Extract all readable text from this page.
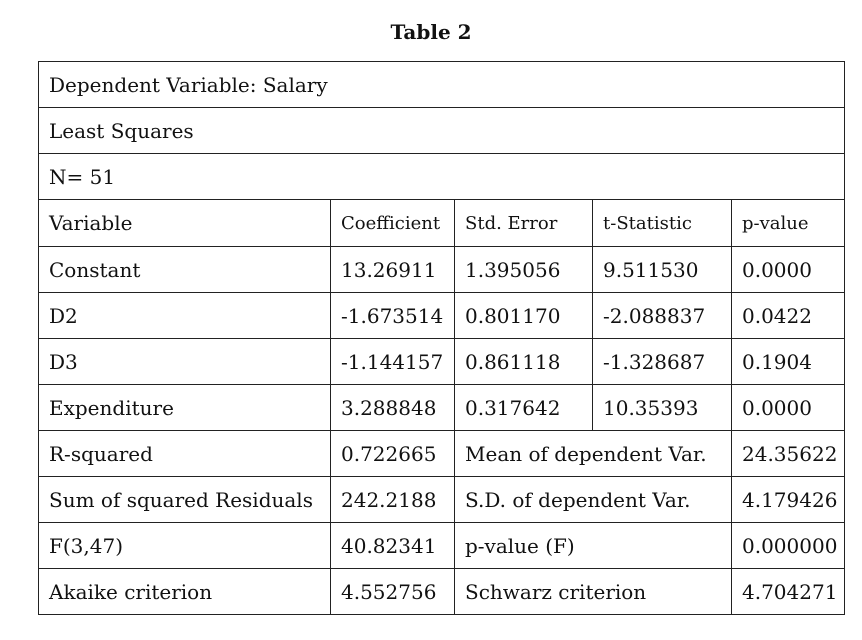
Table 2
Dependent Variable: Salary				
Least Squares				
N= 51				
Variable	Coefficient	Std. Error	t-Statistic	p-value
Constant	13.26911	1.395056	9.511530	0.0000
D2	-1.673514	0.801170	-2.088837	0.0422
D3	-1.144157	0.861118	-1.328687	0.1904
Expenditure	3.288848	0.317642	10.35393	0.0000
R-squared	0.722665	Mean of dependent Var.		24.35622
Sum of squared Residuals	242.2188	S.D. of dependent Var.		4.179426
F(3,47)	40.82341	p-value (F)		0.000000
Akaike criterion	4.552756	Schwarz criterion		4.704271
